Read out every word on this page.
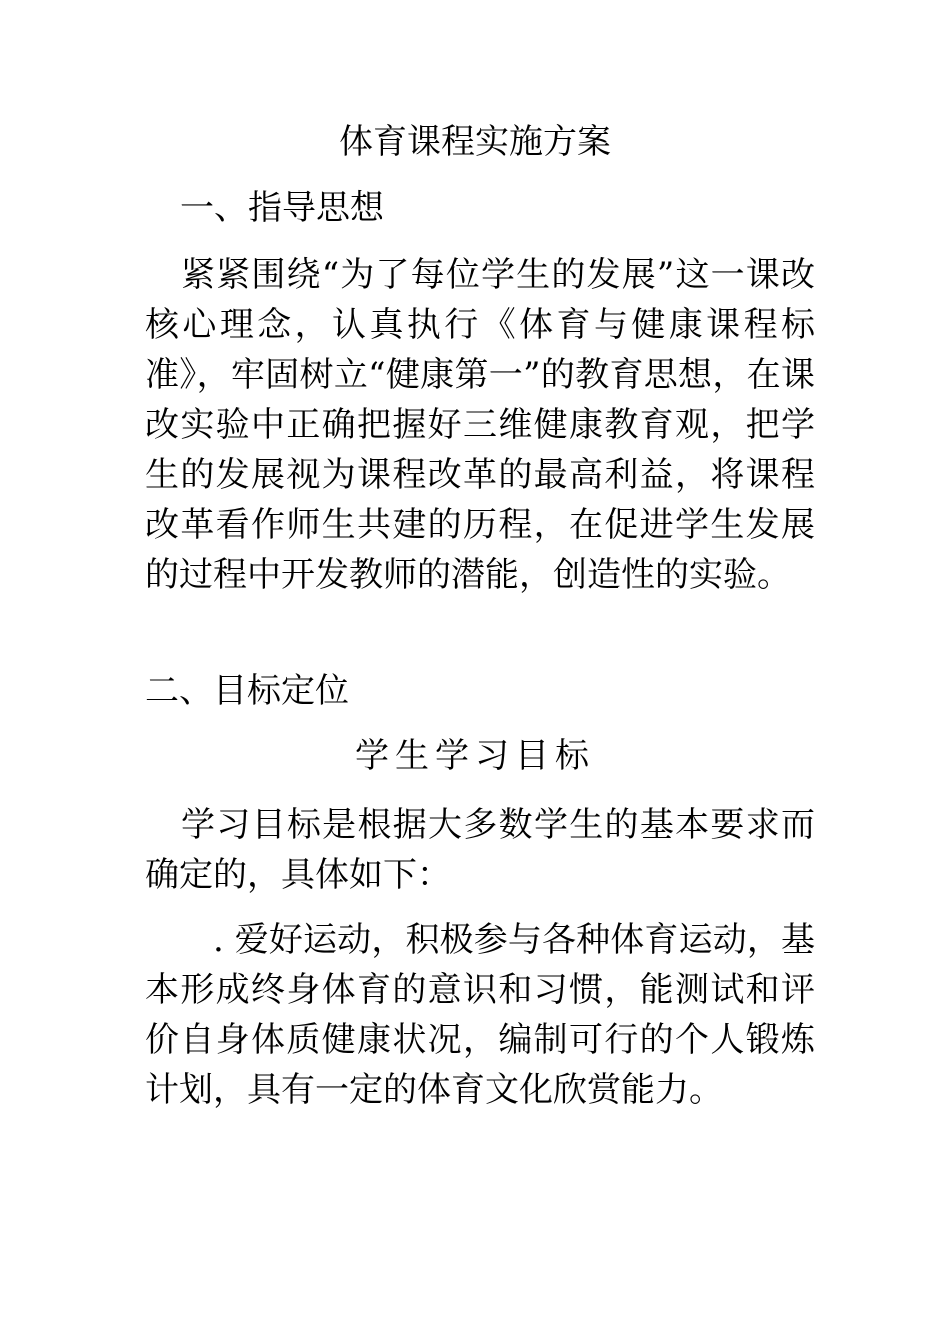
体育课程实施方案
一、指导思想
紧紧围绕“为了每位学生的发展”这一课改核心理念，认真执行《体育与健康课程标准》，牢固树立“健康第一”的教育思想，在课改实验中正确把握好三维健康教育观，把学生的发展视为课程改革的最高利益，将课程改革看作师生共建的历程，在促进学生发展的过程中开发教师的潜能，创造性的实验。
二、目标定位
学生学习目标
学习目标是根据大多数学生的基本要求而确定的，具体如下：
. 爱好运动，积极参与各种体育运动，基本形成终身体育的意识和习惯，能测试和评价自身体质健康状况，编制可行的个人锻炼计划，具有一定的体育文化欣赏能力。
